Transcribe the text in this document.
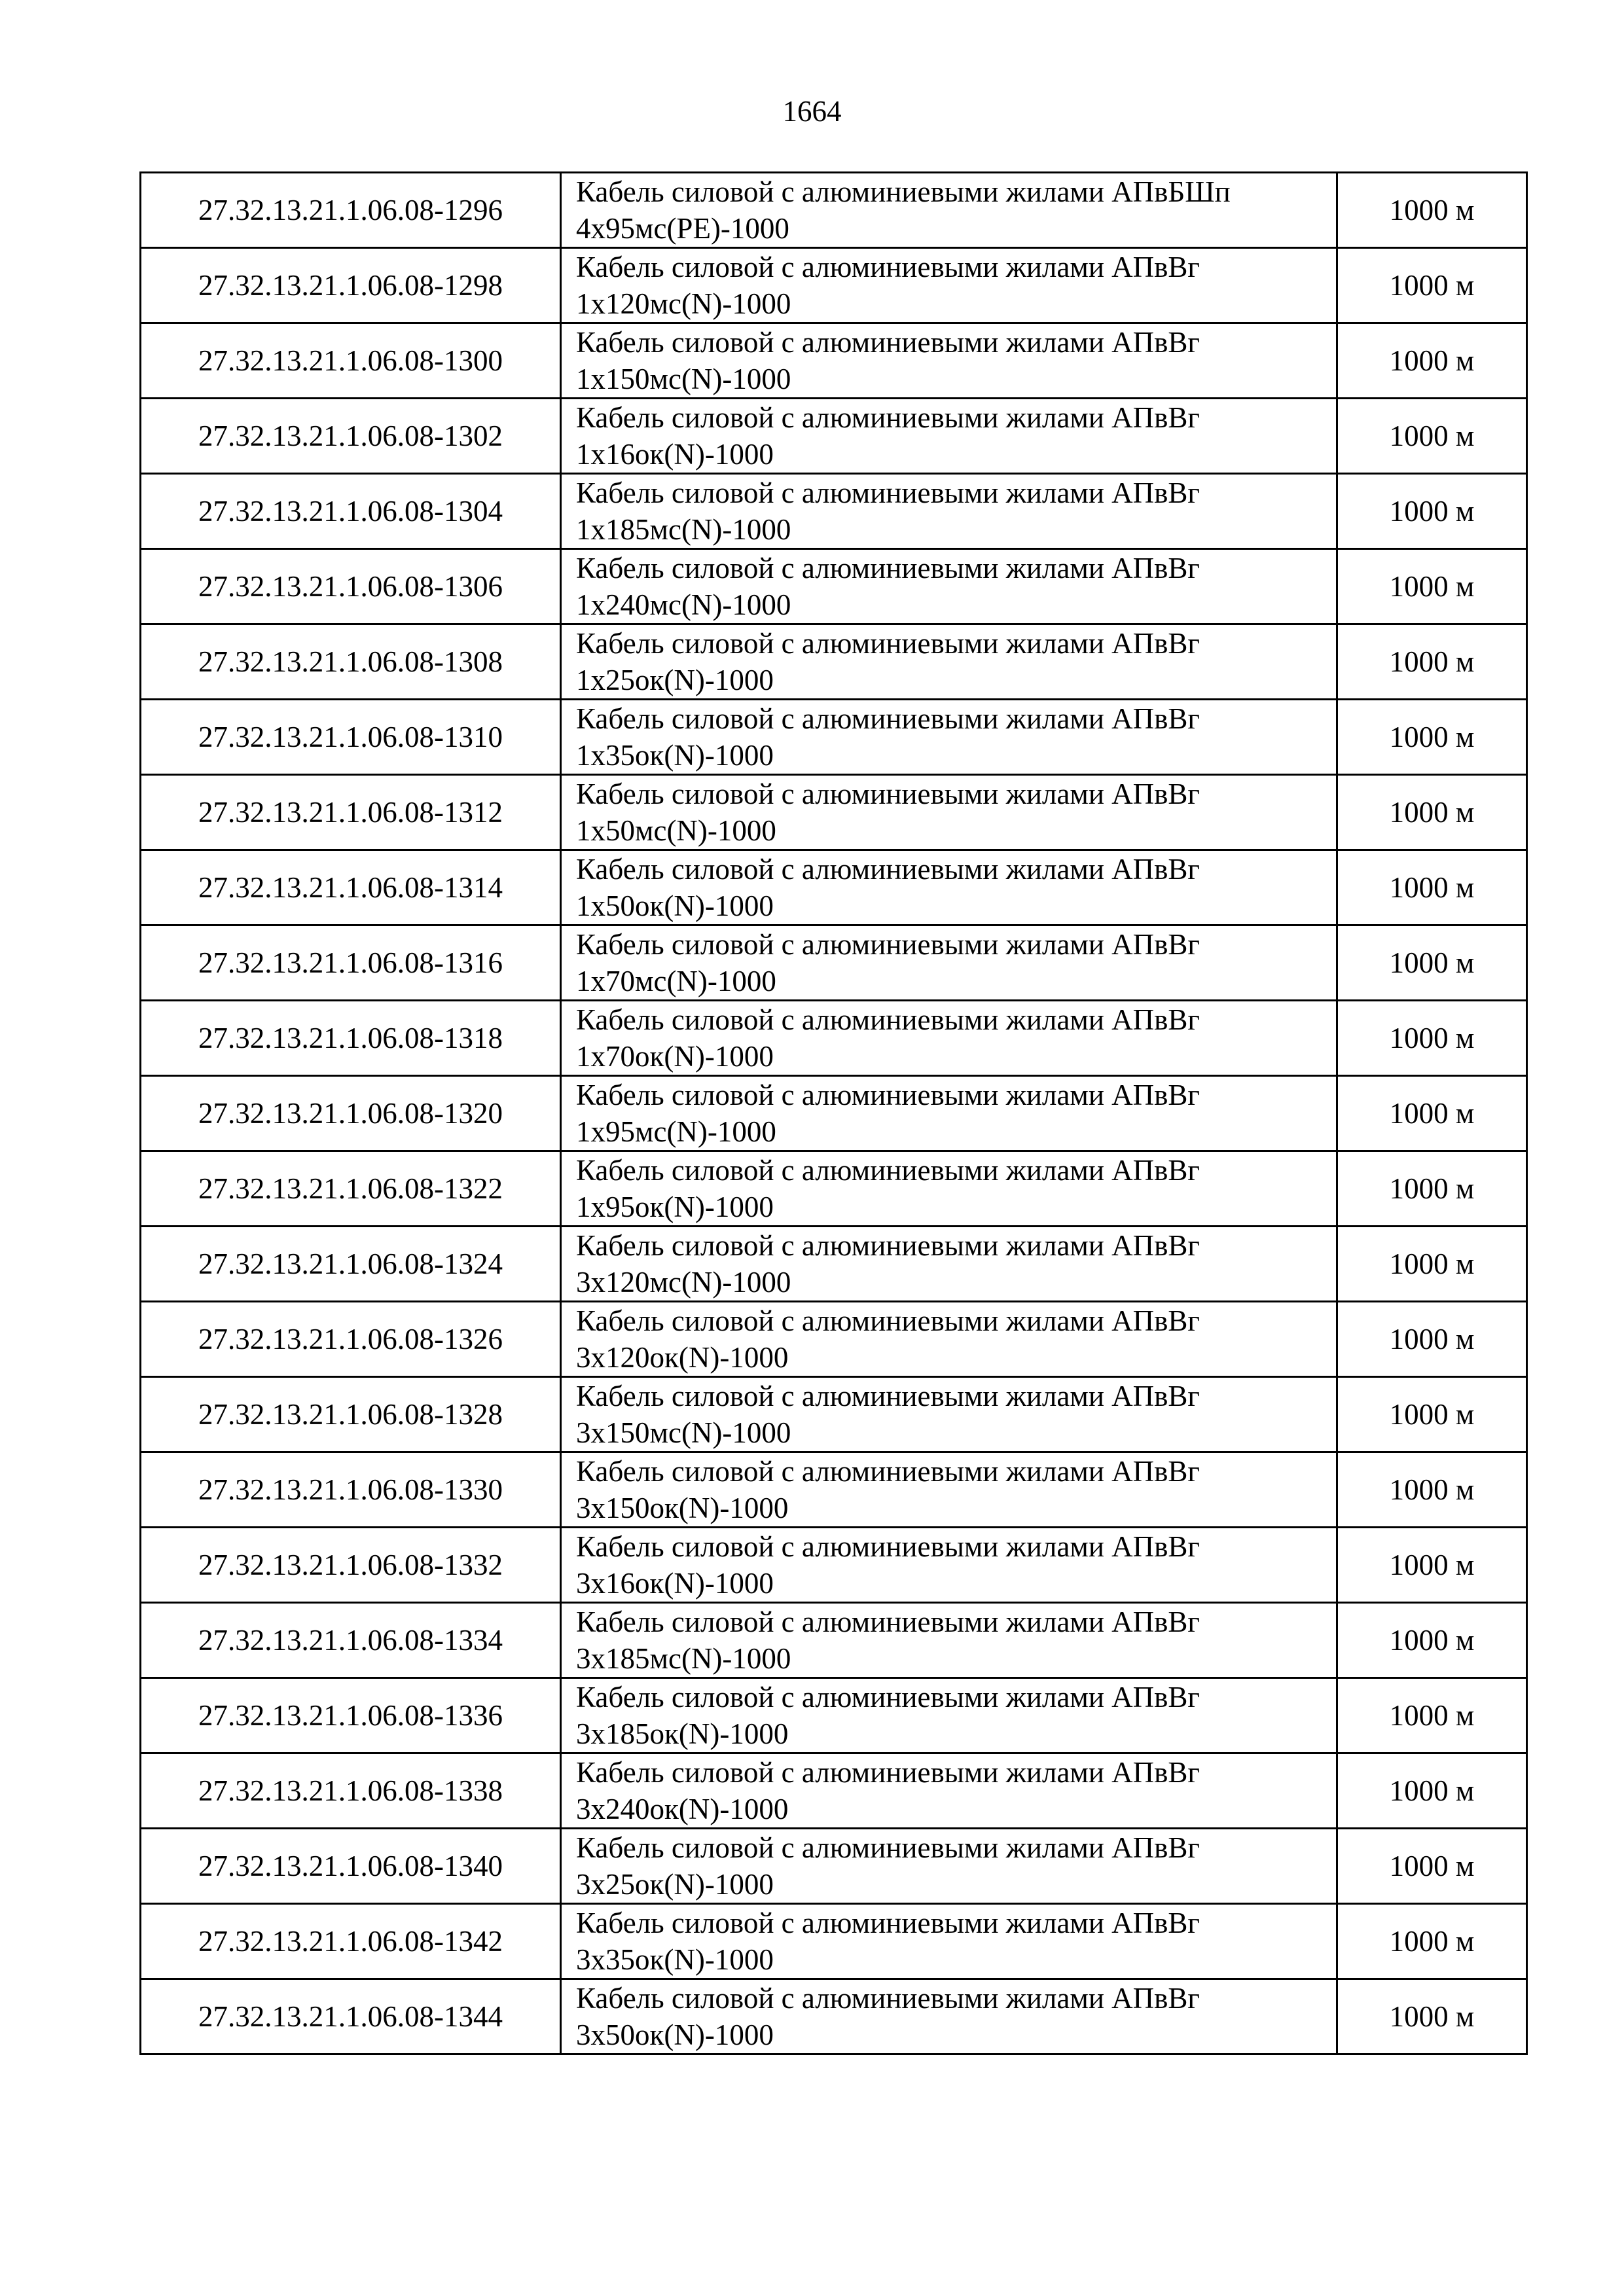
1664
27.32.13.21.1.06.08-1296	Кабель силовой с алюминиевыми жилами АПвБШп
4х95мс(PE)-1000	1000 м
27.32.13.21.1.06.08-1298	Кабель силовой с алюминиевыми жилами АПвВг
1х120мс(N)-1000	1000 м
27.32.13.21.1.06.08-1300	Кабель силовой с алюминиевыми жилами АПвВг
1х150мс(N)-1000	1000 м
27.32.13.21.1.06.08-1302	Кабель силовой с алюминиевыми жилами АПвВг
1х16ок(N)-1000	1000 м
27.32.13.21.1.06.08-1304	Кабель силовой с алюминиевыми жилами АПвВг
1х185мс(N)-1000	1000 м
27.32.13.21.1.06.08-1306	Кабель силовой с алюминиевыми жилами АПвВг
1х240мс(N)-1000	1000 м
27.32.13.21.1.06.08-1308	Кабель силовой с алюминиевыми жилами АПвВг
1х25ок(N)-1000	1000 м
27.32.13.21.1.06.08-1310	Кабель силовой с алюминиевыми жилами АПвВг
1х35ок(N)-1000	1000 м
27.32.13.21.1.06.08-1312	Кабель силовой с алюминиевыми жилами АПвВг
1х50мс(N)-1000	1000 м
27.32.13.21.1.06.08-1314	Кабель силовой с алюминиевыми жилами АПвВг
1х50ок(N)-1000	1000 м
27.32.13.21.1.06.08-1316	Кабель силовой с алюминиевыми жилами АПвВг
1х70мс(N)-1000	1000 м
27.32.13.21.1.06.08-1318	Кабель силовой с алюминиевыми жилами АПвВг
1х70ок(N)-1000	1000 м
27.32.13.21.1.06.08-1320	Кабель силовой с алюминиевыми жилами АПвВг
1х95мс(N)-1000	1000 м
27.32.13.21.1.06.08-1322	Кабель силовой с алюминиевыми жилами АПвВг
1х95ок(N)-1000	1000 м
27.32.13.21.1.06.08-1324	Кабель силовой с алюминиевыми жилами АПвВг
3х120мс(N)-1000	1000 м
27.32.13.21.1.06.08-1326	Кабель силовой с алюминиевыми жилами АПвВг
3х120ок(N)-1000	1000 м
27.32.13.21.1.06.08-1328	Кабель силовой с алюминиевыми жилами АПвВг
3х150мс(N)-1000	1000 м
27.32.13.21.1.06.08-1330	Кабель силовой с алюминиевыми жилами АПвВг
3х150ок(N)-1000	1000 м
27.32.13.21.1.06.08-1332	Кабель силовой с алюминиевыми жилами АПвВг
3х16ок(N)-1000	1000 м
27.32.13.21.1.06.08-1334	Кабель силовой с алюминиевыми жилами АПвВг
3х185мс(N)-1000	1000 м
27.32.13.21.1.06.08-1336	Кабель силовой с алюминиевыми жилами АПвВг
3х185ок(N)-1000	1000 м
27.32.13.21.1.06.08-1338	Кабель силовой с алюминиевыми жилами АПвВг
3х240ок(N)-1000	1000 м
27.32.13.21.1.06.08-1340	Кабель силовой с алюминиевыми жилами АПвВг
3х25ок(N)-1000	1000 м
27.32.13.21.1.06.08-1342	Кабель силовой с алюминиевыми жилами АПвВг
3х35ок(N)-1000	1000 м
27.32.13.21.1.06.08-1344	Кабель силовой с алюминиевыми жилами АПвВг
3х50ок(N)-1000	1000 м
